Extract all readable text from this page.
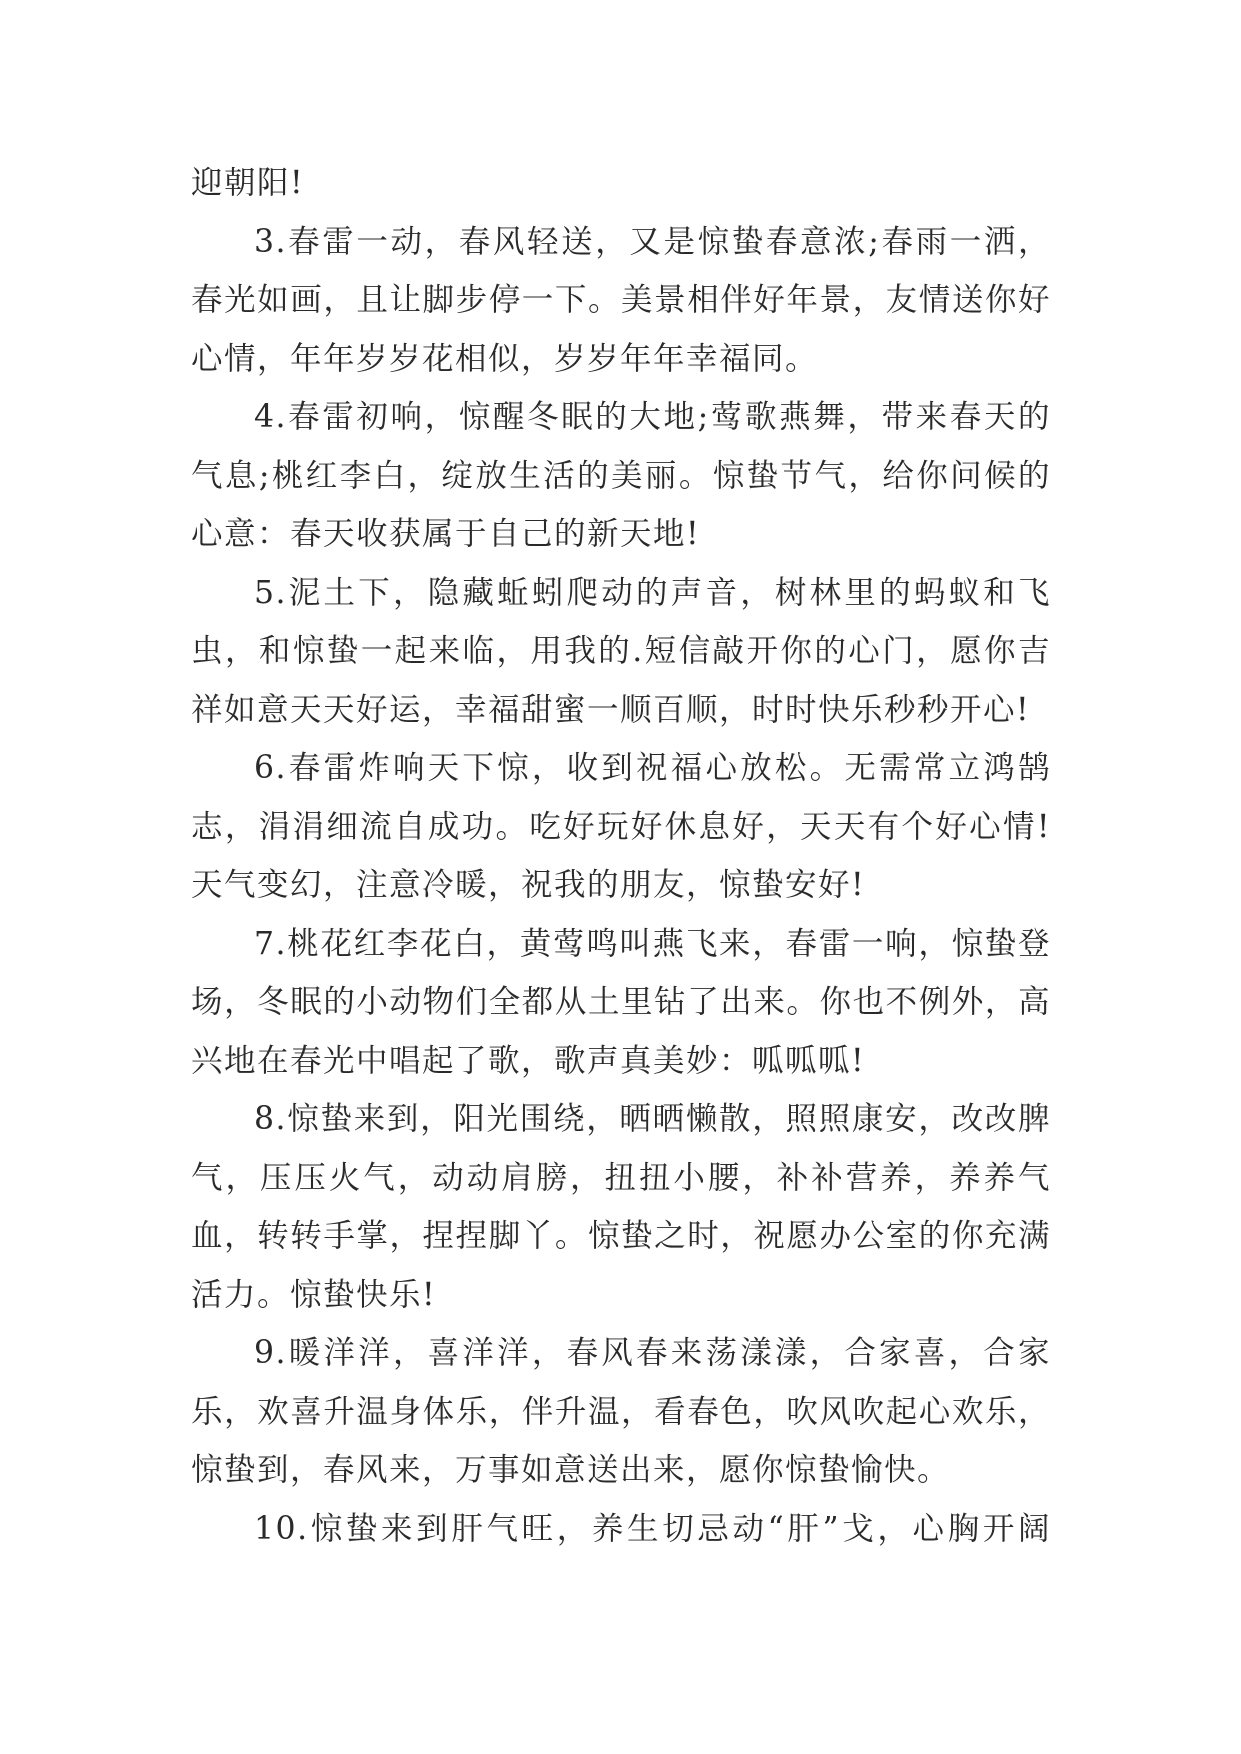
迎朝阳!

3.春雷一动，春风轻送，又是惊蛰春意浓;春雨一洒，春光如画，且让脚步停一下。美景相伴好年景，友情送你好心情，年年岁岁花相似，岁岁年年幸福同。

4.春雷初响，惊醒冬眠的大地;莺歌燕舞，带来春天的气息;桃红李白，绽放生活的美丽。惊蛰节气，给你问候的心意：春天收获属于自己的新天地!

5.泥土下，隐藏蚯蚓爬动的声音，树林里的蚂蚁和飞虫，和惊蛰一起来临，用我的.短信敲开你的心门，愿你吉祥如意天天好运，幸福甜蜜一顺百顺，时时快乐秒秒开心!

6.春雷炸响天下惊，收到祝福心放松。无需常立鸿鹄志，涓涓细流自成功。吃好玩好休息好，天天有个好心情!天气变幻，注意冷暖，祝我的朋友，惊蛰安好!

7.桃花红李花白，黄莺鸣叫燕飞来，春雷一响，惊蛰登场，冬眠的小动物们全都从土里钻了出来。你也不例外，高兴地在春光中唱起了歌，歌声真美妙：呱呱呱!

8.惊蛰来到，阳光围绕，晒晒懒散，照照康安，改改脾气，压压火气，动动肩膀，扭扭小腰，补补营养，养养气血，转转手掌，捏捏脚丫。惊蛰之时，祝愿办公室的你充满活力。惊蛰快乐!

9.暖洋洋，喜洋洋，春风春来荡漾漾，合家喜，合家乐，欢喜升温身体乐，伴升温，看春色，吹风吹起心欢乐，惊蛰到，春风来，万事如意送出来，愿你惊蛰愉快。

10.惊蛰来到肝气旺，养生切忌动“肝”戈，心胸开阔
